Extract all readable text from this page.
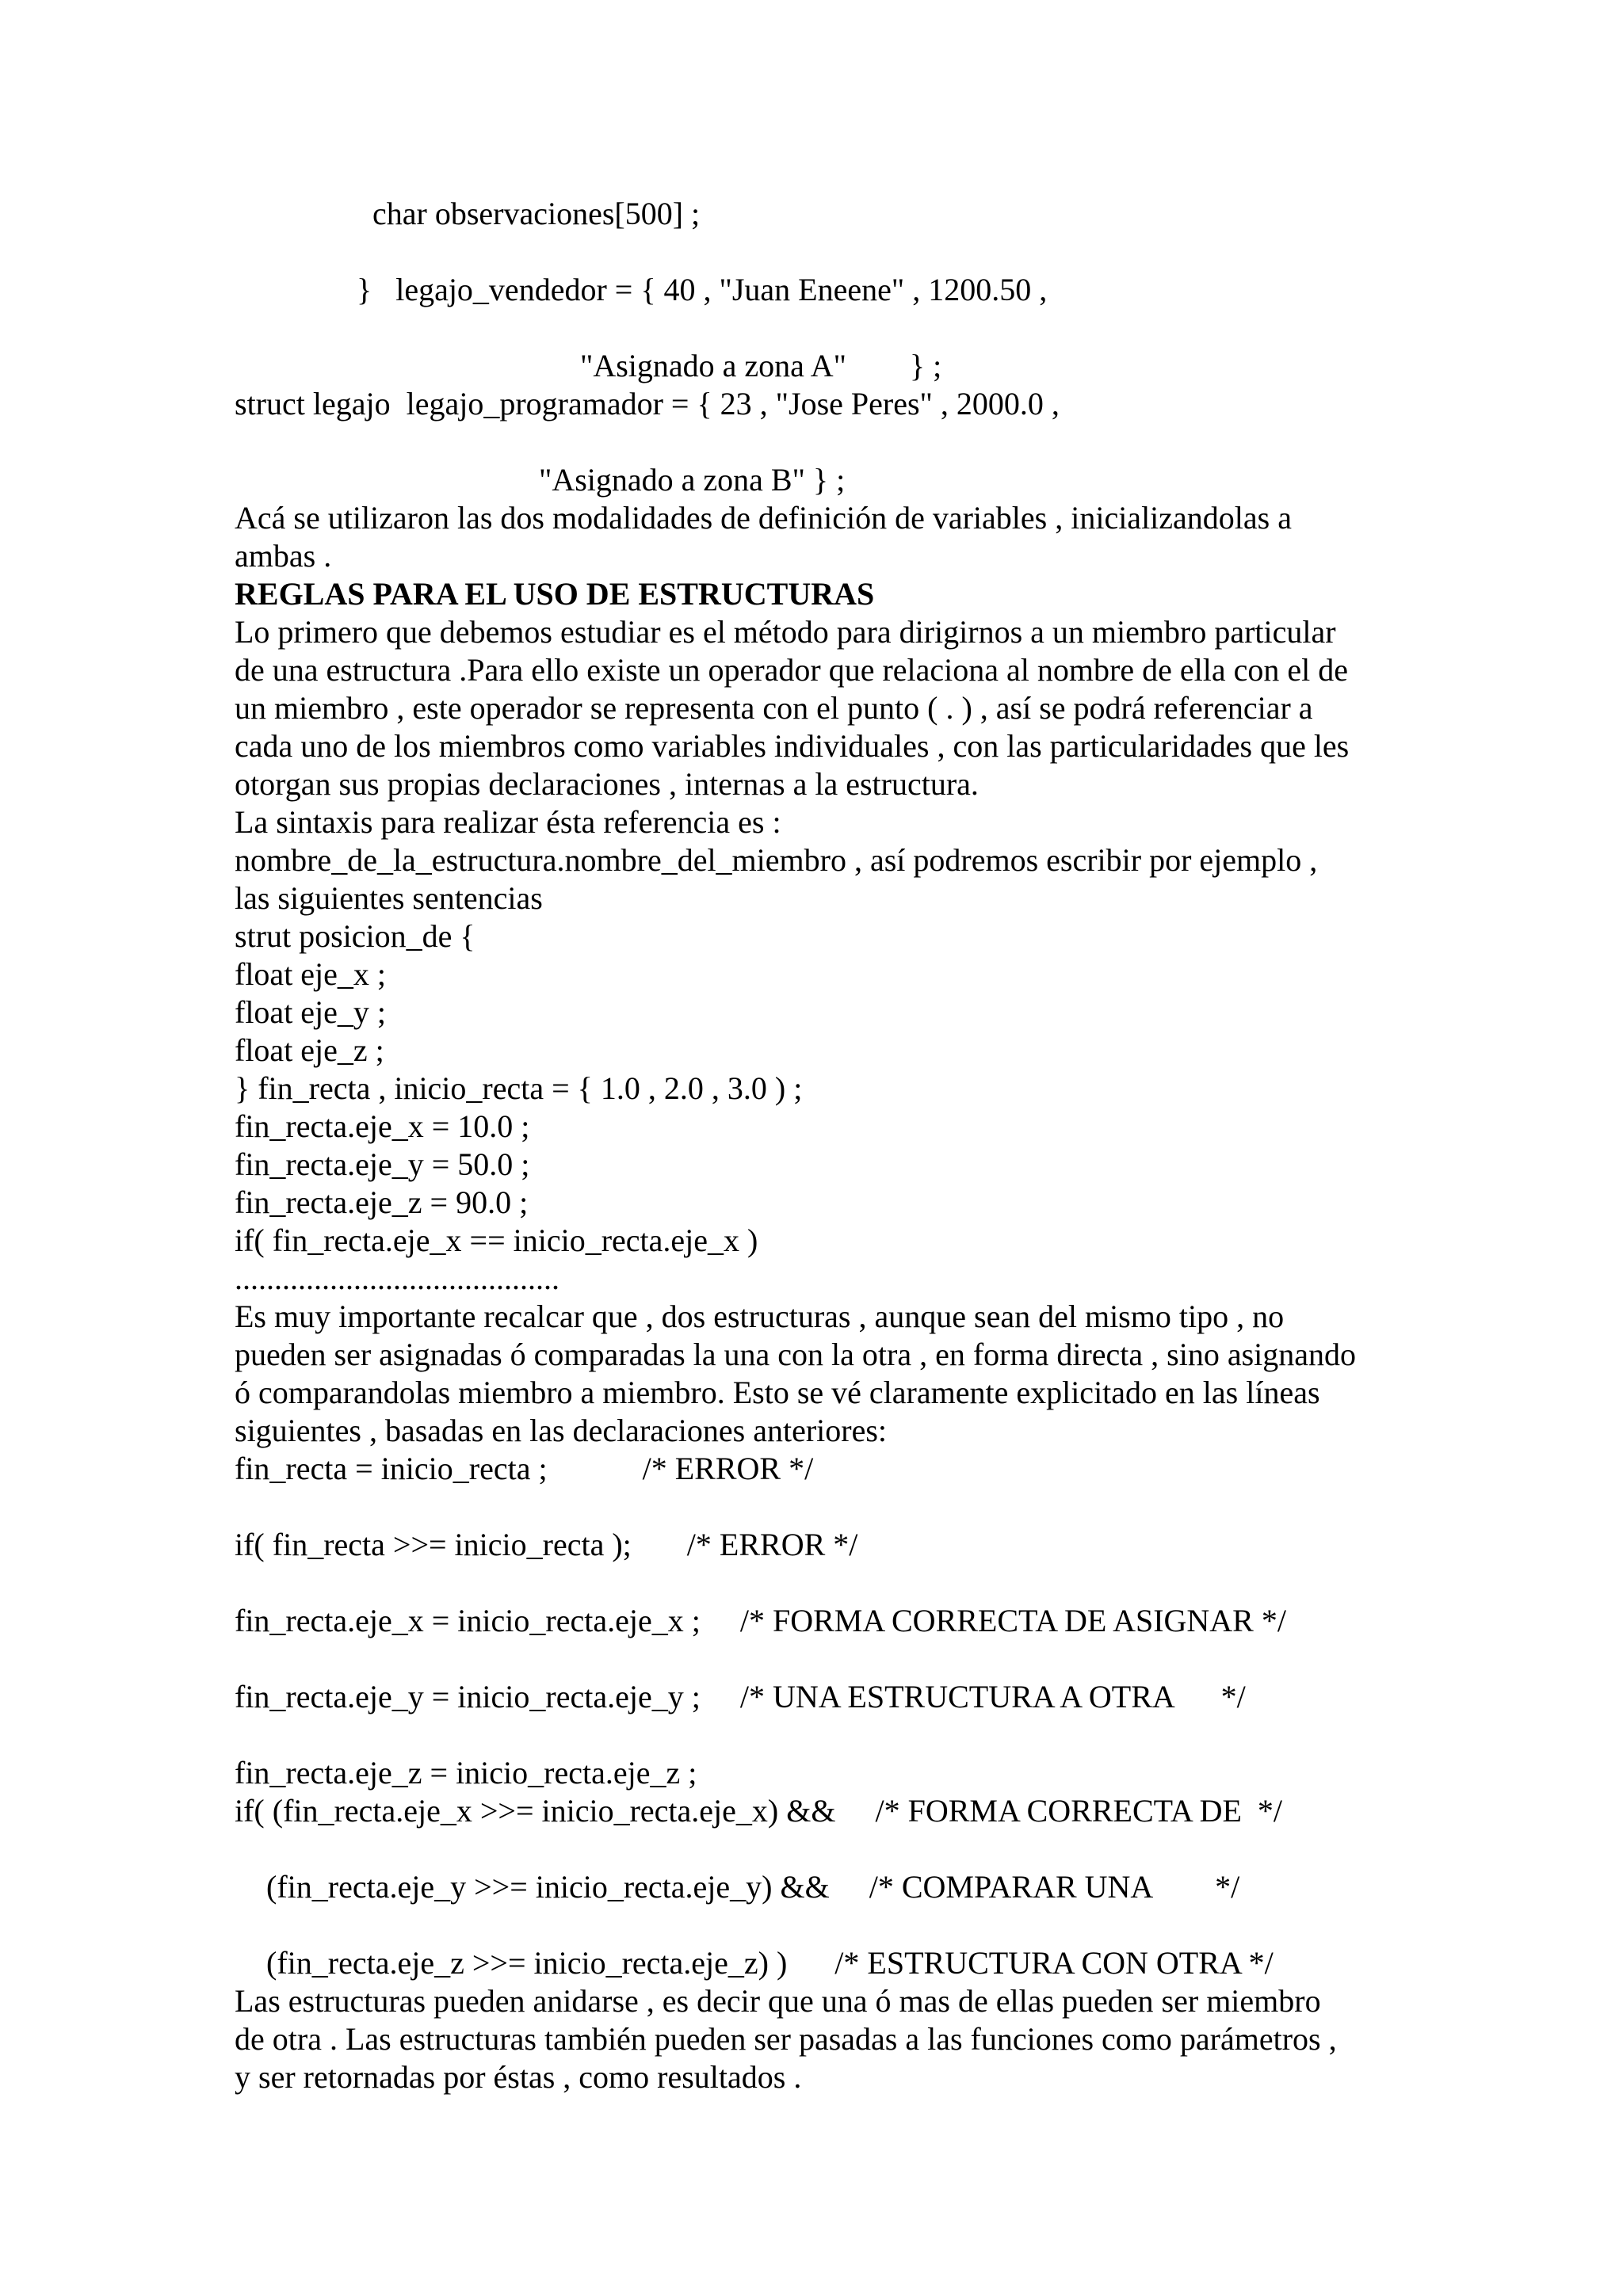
char observaciones[500] ;

}   legajo_vendedor = { 40 , "Juan Eneene" , 1200.50 ,

"Asignado a zona A"        } ;

struct legajo  legajo_programador = { 23 , "Jose Peres" , 2000.0 ,

"Asignado a zona B" } ;

Acá se utilizaron las dos modalidades de definición de variables , inicializandolas a

ambas .

REGLAS PARA EL USO DE ESTRUCTURAS

Lo primero que debemos estudiar es el método para dirigirnos a un miembro particular

de una estructura .Para ello existe un operador que relaciona al nombre de ella con el de

un miembro , este operador se representa con el punto ( . ) , así se podrá referenciar a

cada uno de los miembros como variables individuales , con las particularidades que les

otorgan sus propias declaraciones , internas a la estructura.

La sintaxis para realizar ésta referencia es :

nombre_de_la_estructura.nombre_del_miembro , así podremos escribir por ejemplo ,

las siguientes sentencias

strut posicion_de {

float eje_x ;

float eje_y ;

float eje_z ;

} fin_recta , inicio_recta = { 1.0 , 2.0 , 3.0 ) ;

fin_recta.eje_x = 10.0 ;

fin_recta.eje_y = 50.0 ;

fin_recta.eje_z = 90.0 ;

if( fin_recta.eje_x == inicio_recta.eje_x )

.........................................

Es muy importante recalcar que , dos estructuras , aunque sean del mismo tipo , no

pueden ser asignadas ó comparadas la una con la otra , en forma directa , sino asignando

ó comparandolas miembro a miembro. Esto se vé claramente explicitado en las líneas

siguientes , basadas en las declaraciones anteriores:

fin_recta = inicio_recta ;            /* ERROR */

if( fin_recta >>= inicio_recta );       /* ERROR */

fin_recta.eje_x = inicio_recta.eje_x ;     /* FORMA CORRECTA DE ASIGNAR */

fin_recta.eje_y = inicio_recta.eje_y ;     /* UNA ESTRUCTURA A OTRA      */

fin_recta.eje_z = inicio_recta.eje_z ;

if( (fin_recta.eje_x >>= inicio_recta.eje_x) &&     /* FORMA CORRECTA DE  */

(fin_recta.eje_y >>= inicio_recta.eje_y) &&     /* COMPARAR UNA        */

(fin_recta.eje_z >>= inicio_recta.eje_z) )      /* ESTRUCTURA CON OTRA */

Las estructuras pueden anidarse , es decir que una ó mas de ellas pueden ser miembro

de otra . Las estructuras también pueden ser pasadas a las funciones como parámetros ,

y ser retornadas por éstas , como resultados .
